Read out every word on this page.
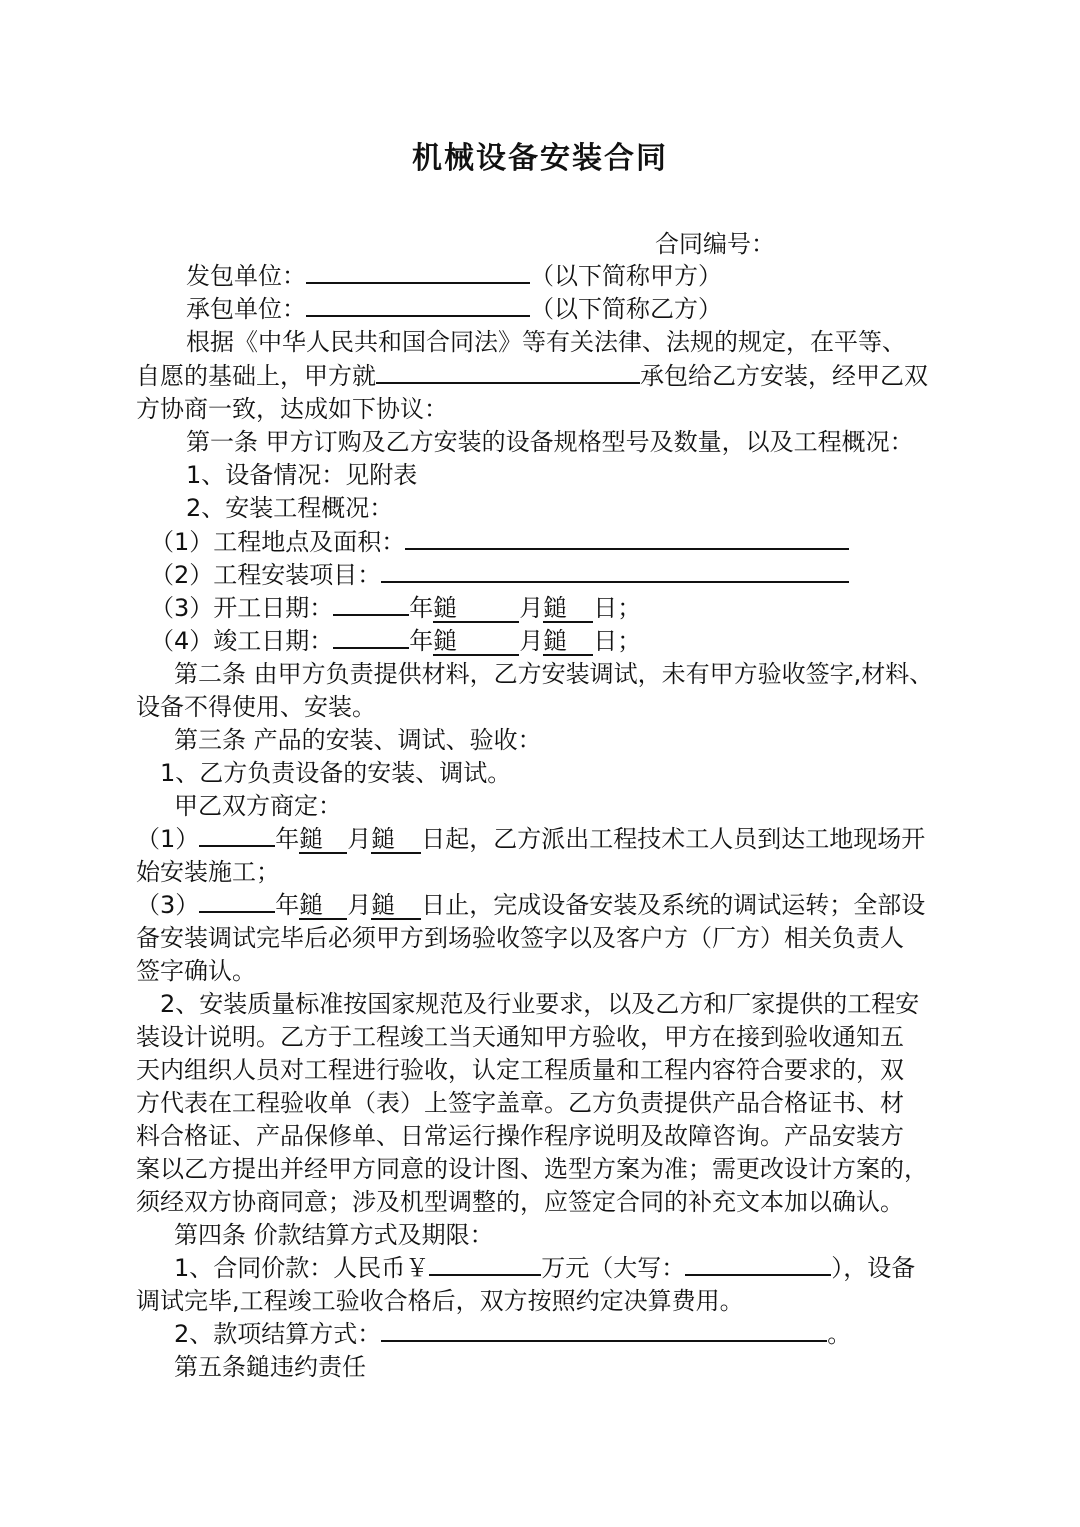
机械设备安装合同
合同编号：
发包单位：	（以下简称甲方）
承包单位：	（以下简称乙方）
根据《中华人民共和国合同法》等有关法律、法规的规定，在平等、
自愿的基础上，甲方就	承包给乙方安装，经甲乙双
方协商一致，达成如下协议：
第一条 甲方订购及乙方安装的设备规格型号及数量，以及工程概况：
1、设备情况：见附表
2、安装工程概况：
（1）工程地点及面积：
（2）工程安装项目：
（3）开工日期：	年鎚	月鎚 日；
（4）竣工日期：	年鎚	月鎚 日；
第二条 由甲方负责提供材料，乙方安装调试，未有甲方验收签字,材料、
设备不得使用、安装。
第三条 产品的安装、调试、验收：
1、乙方负责设备的安装、调试。
甲乙双方商定：
（1）	年鎚 月鎚 日起，乙方派出工程技术工人员到达工地现场开
始安装施工；
（3）	年鎚 月鎚 日止，完成设备安装及系统的调试运转；全部设
备安装调试完毕后必须甲方到场验收签字以及客户方（厂方）相关负责人
签字确认。
2、安装质量标准按国家规范及行业要求，以及乙方和厂家提供的工程安
装设计说明。乙方于工程竣工当天通知甲方验收，甲方在接到验收通知五
天内组织人员对工程进行验收，认定工程质量和工程内容符合要求的，双
方代表在工程验收单（表）上签字盖章。乙方负责提供产品合格证书、材
料合格证、产品保修单、日常运行操作程序说明及故障咨询。产品安装方
案以乙方提出并经甲方同意的设计图、选型方案为准；需更改设计方案的，
须经双方协商同意；涉及机型调整的，应签定合同的补充文本加以确认。
第四条 价款结算方式及期限：
1、合同价款：人民币￥	万元（大写：	），设备
调试完毕,工程竣工验收合格后，双方按照约定决算费用。
2、款项结算方式：	。
第五条鎚违约责任
